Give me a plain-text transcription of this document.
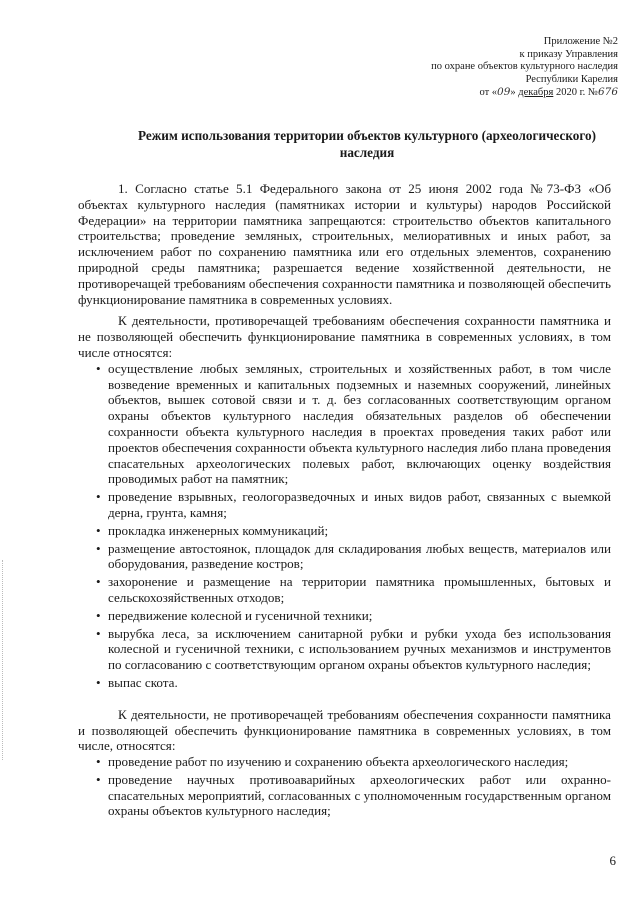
Приложение №2
к приказу Управления
по охране объектов культурного наследия
Республики Карелия
от «09» декабря 2020 г. №676
Режим использования территории объектов культурного (археологического) наследия

1. Согласно статье 5.1 Федерального закона от 25 июня 2002 года №73-ФЗ «Об объектах культурного наследия (памятниках истории и культуры) народов Российской Федерации» на территории памятника запрещаются: строительство объектов капитального строительства; проведение земляных, строительных, мелиоративных и иных работ, за исключением работ по сохранению памятника или его отдельных элементов, сохранению природной среды памятника; разрешается ведение хозяйственной деятельности, не противоречащей требованиям обеспечения сохранности памятника и позволяющей обеспечить функционирование памятника в современных условиях.

К деятельности, противоречащей требованиям обеспечения сохранности памятника и не позволяющей обеспечить функционирование памятника в современных условиях, в том числе относятся:

• осуществление любых земляных, строительных и хозяйственных работ, в том числе возведение временных и капитальных подземных и наземных сооружений, линейных объектов, вышек сотовой связи и т. д. без согласованных соответствующим органом охраны объектов культурного наследия обязательных разделов об обеспечении сохранности объекта культурного наследия в проектах проведения таких работ или проектов обеспечения сохранности объекта культурного наследия либо плана проведения спасательных археологических полевых работ, включающих оценку воздействия проводимых работ на памятник;
• проведение взрывных, геологоразведочных и иных видов работ, связанных с выемкой дерна, грунта, камня;
• прокладка инженерных коммуникаций;
• размещение автостоянок, площадок для складирования любых веществ, материалов или оборудования, разведение костров;
• захоронение и размещение на территории памятника промышленных, бытовых и сельскохозяйственных отходов;
• передвижение колесной и гусеничной техники;
• вырубка леса, за исключением санитарной рубки и рубки ухода без использования колесной и гусеничной техники, с использованием ручных механизмов и инструментов по согласованию с соответствующим органом охраны объектов культурного наследия;
• выпас скота.

К деятельности, не противоречащей требованиям обеспечения сохранности памятника и позволяющей обеспечить функционирование памятника в современных условиях, в том числе, относятся:

• проведение работ по изучению и сохранению объекта археологического наследия;
• проведение научных противоаварийных археологических работ или охранно-спасательных мероприятий, согласованных с уполномоченным государственным органом охраны объектов культурного наследия;
6
